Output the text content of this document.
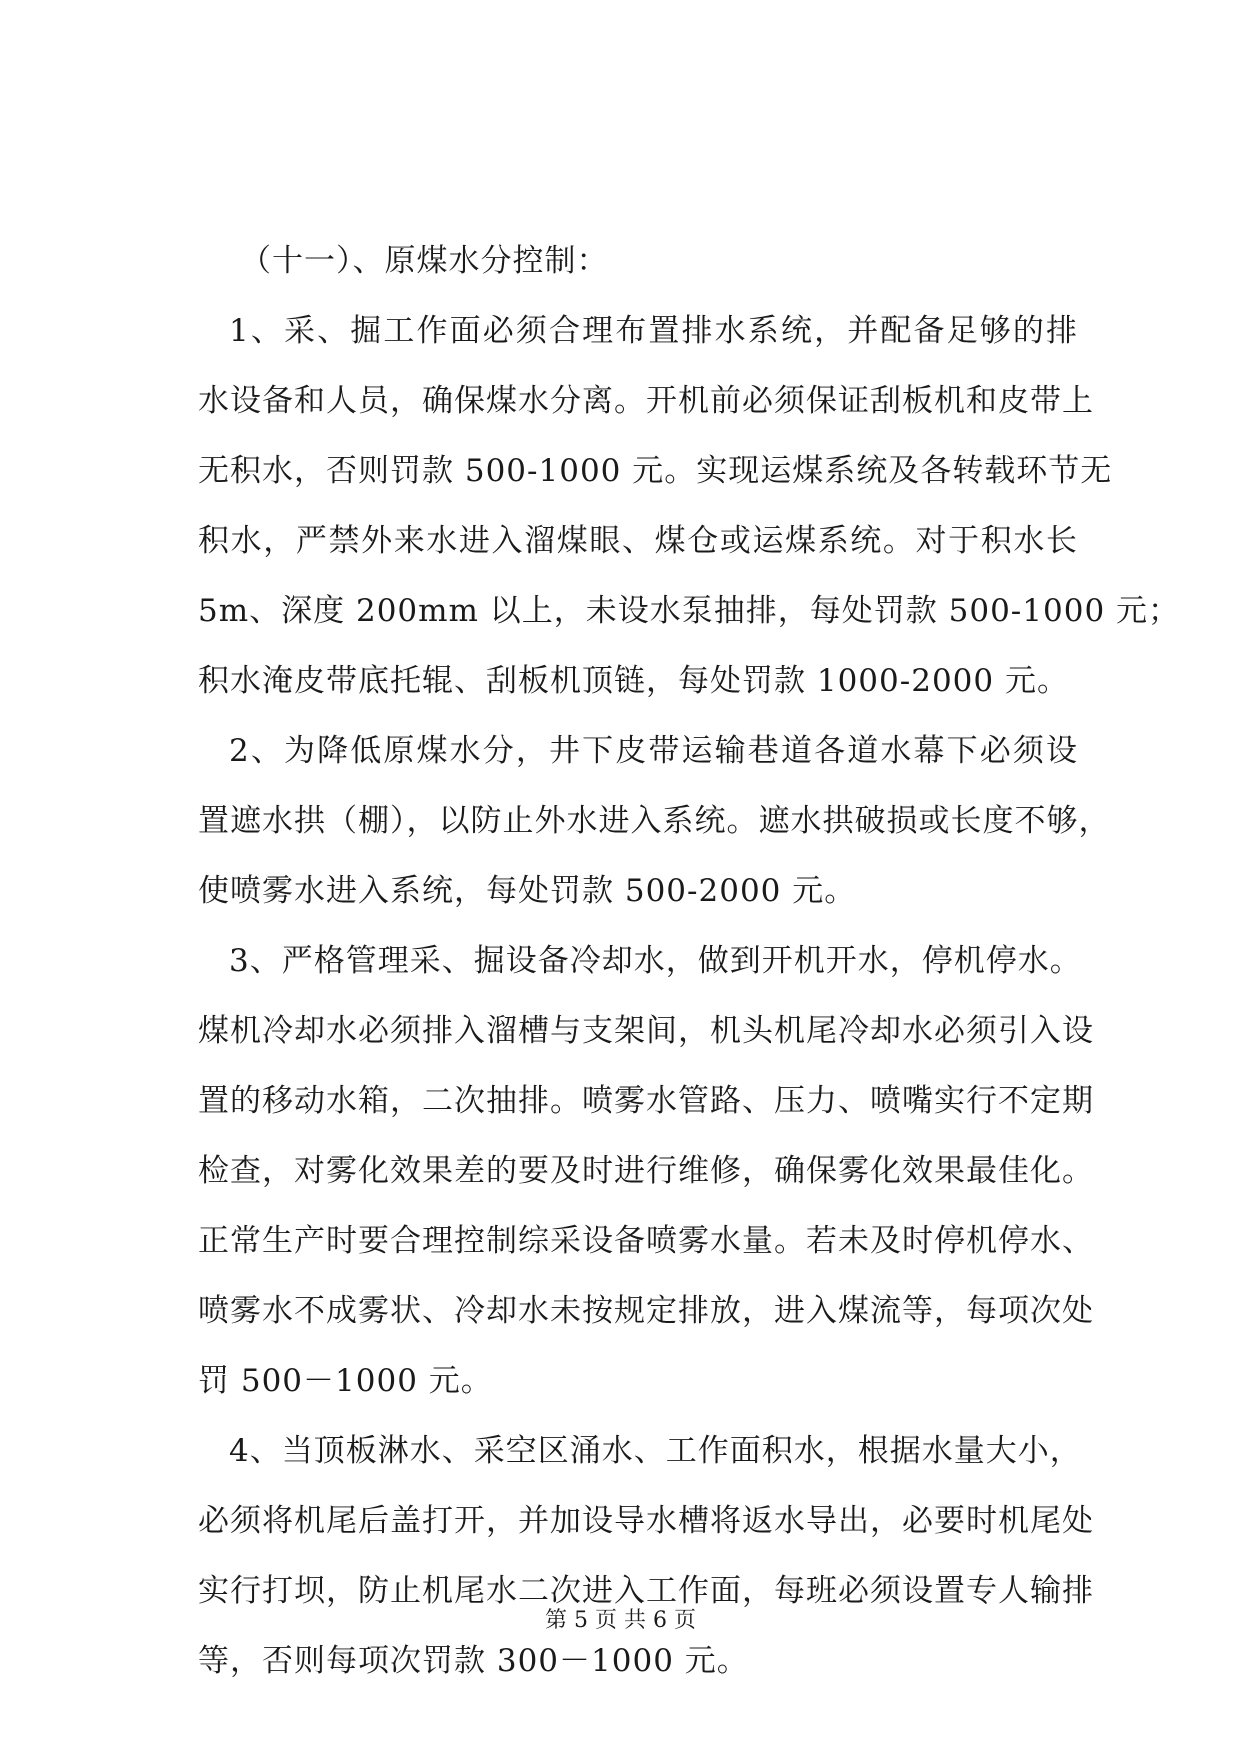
（十一）、原煤水分控制：

1、采、掘工作面必须合理布置排水系统，并配备足够的排
水设备和人员，确保煤水分离。开机前必须保证刮板机和皮带上
无积水，否则罚款 500-1000 元。实现运煤系统及各转载环节无
积水，严禁外来水进入溜煤眼、煤仓或运煤系统。对于积水长
5m、深度 200mm 以上，未设水泵抽排，每处罚款 500-1000 元；
积水淹皮带底托辊、刮板机顶链，每处罚款 1000-2000 元。

2、为降低原煤水分，井下皮带运输巷道各道水幕下必须设
置遮水拱（棚），以防止外水进入系统。遮水拱破损或长度不够，
使喷雾水进入系统，每处罚款 500-2000 元。

3、严格管理采、掘设备冷却水，做到开机开水，停机停水。
煤机冷却水必须排入溜槽与支架间，机头机尾冷却水必须引入设
置的移动水箱，二次抽排。喷雾水管路、压力、喷嘴实行不定期
检查，对雾化效果差的要及时进行维修，确保雾化效果最佳化。
正常生产时要合理控制综采设备喷雾水量。若未及时停机停水、
喷雾水不成雾状、冷却水未按规定排放，进入煤流等，每项次处
罚 500－1000 元。

4、当顶板淋水、采空区涌水、工作面积水，根据水量大小，
必须将机尾后盖打开，并加设导水槽将返水导出，必要时机尾处
实行打坝，防止机尾水二次进入工作面，每班必须设置专人输排
等，否则每项次罚款 300－1000 元。

第 5 页 共 6 页
